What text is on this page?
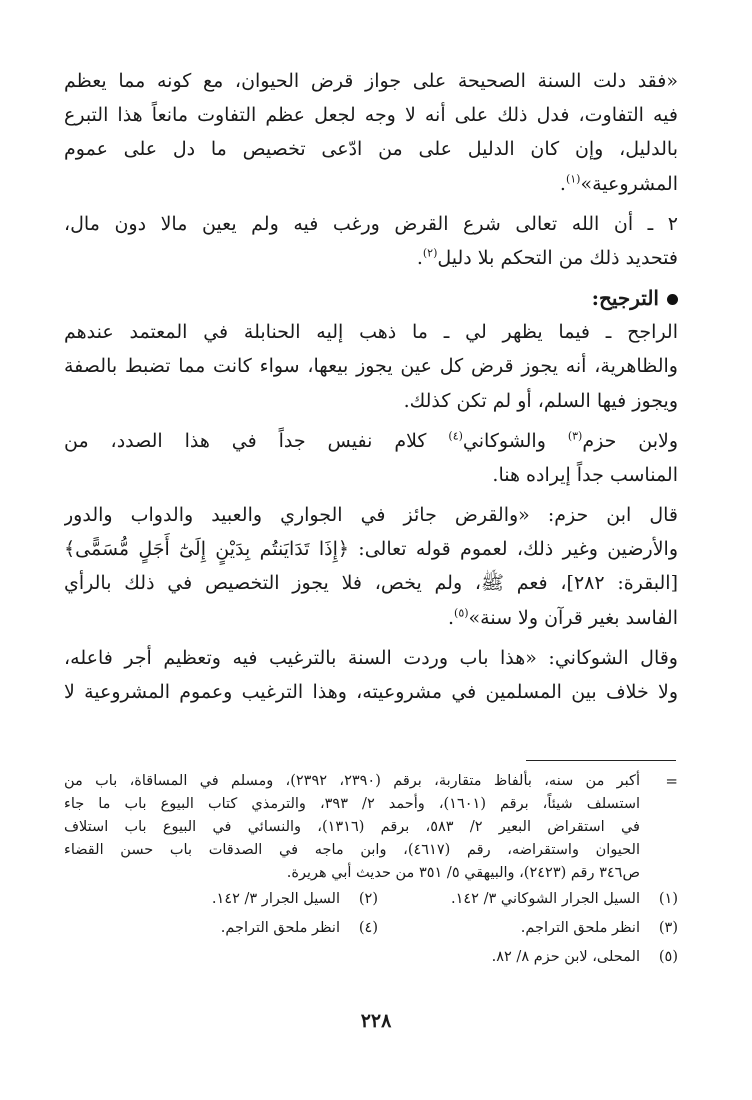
«فقد دلت السنة الصحيحة على جواز قرض الحيوان، مع كونه مما يعظم
فيه التفاوت، فدل ذلك على أنه لا وجه لجعل عظم التفاوت مانعاً هذا التبرع
بالدليل، وإن كان الدليل على من ادّعى تخصيص ما دل على عموم
المشروعية»$^{(١)}$.
٢ ـ أن الله تعالى شرع القرض ورغب فيه ولم يعين مالا دون مال،
فتحديد ذلك من التحكم بلا دليل$^{(٢)}$.
الترجيح:
الراجح ـ فيما يظهر لي ـ ما ذهب إليه الحنابلة في المعتمد عندهم
والظاهرية، أنه يجوز قرض كل عين يجوز بيعها، سواء كانت مما تضبط بالصفة
ويجوز فيها السلم، أو لم تكن كذلك.
ولابن حزم$^{(٣)}$ والشوكاني$^{(٤)}$ كلام نفيس جداً في هذا الصدد، من
المناسب جداً إيراده هنا.
قال ابن حزم: «والقرض جائز في الجواري والعبيد والدواب والدور
والأرضين وغير ذلك، لعموم قوله تعالى: ﴿إِذَا تَدَايَنتُم بِدَيْنٍ إِلَىٰٓ أَجَلٍ مُّسَمًّى﴾
[البقرة: ٢٨٢]، فعم ﷺ، ولم يخص، فلا يجوز التخصيص في ذلك بالرأي
الفاسد بغير قرآن ولا سنة»$^{(٥)}$.
وقال الشوكاني: «هذا باب وردت السنة بالترغيب فيه وتعظيم أجر فاعله،
ولا خلاف بين المسلمين في مشروعيته، وهذا الترغيب وعموم المشروعية لا
=
أكبر من سنه، بألفاظ متقاربة، برقم (٢٣٩٠، ٢٣٩٢)، ومسلم في المساقاة، باب من
استسلف شيئاً، برقم (١٦٠١)، وأحمد ٢/ ٣٩٣، والترمذي كتاب البيوع باب ما جاء
في استقراض البعير ٢/ ٥٨٣، برقم (١٣١٦)، والنسائي في البيوع باب استلاف
الحيوان واستقراضه، رقم (٤٦١٧)، وابن ماجه في الصدقات باب حسن القضاء
ص٣٤٦ رقم (٢٤٢٣)، والبيهقي ٥/ ٣٥١ من حديث أبي هريرة.
(١)السيل الجرار الشوكاني ٣/ ١٤٢.(٢)السيل الجرار ٣/ ١٤٢.
(٣)انظر ملحق التراجم.(٤)انظر ملحق التراجم.
(٥)المحلى، لابن حزم ٨/ ٨٢.
٢٢٨
